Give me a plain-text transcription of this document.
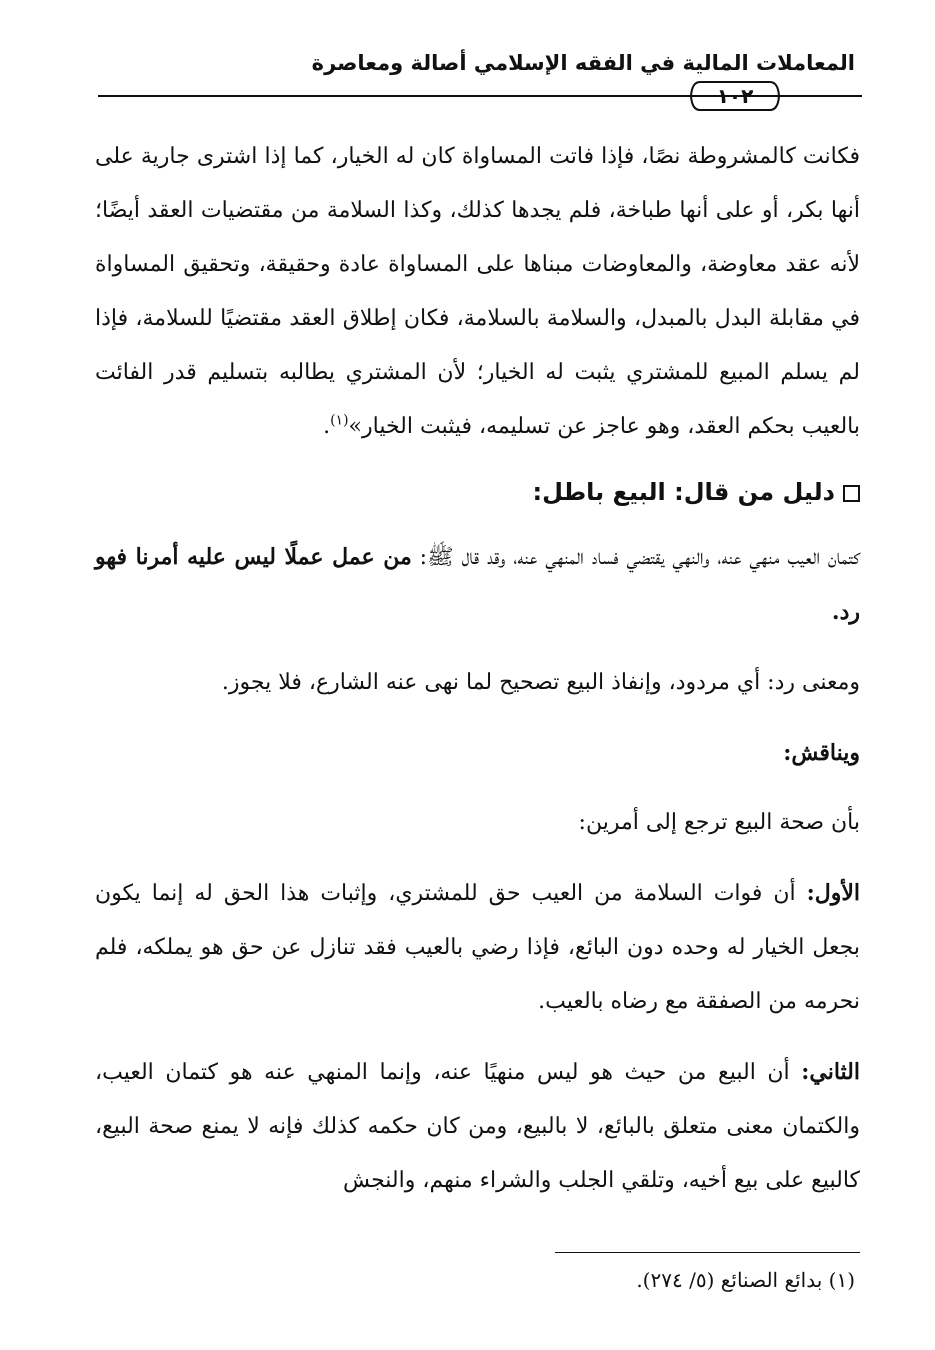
المعاملات المالية في الفقه الإسلامي أصالة ومعاصرة
١٠٢

فكانت كالمشروطة نصًا، فإذا فاتت المساواة كان له الخيار، كما إذا اشترى جارية على أنها بكر، أو على أنها طباخة، فلم يجدها كذلك، وكذا السلامة من مقتضيات العقد أيضًا؛ لأنه عقد معاوضة، والمعاوضات مبناها على المساواة عادة وحقيقة، وتحقيق المساواة في مقابلة البدل بالمبدل، والسلامة بالسلامة، فكان إطلاق العقد مقتضيًا للسلامة، فإذا لم يسلم المبيع للمشتري يثبت له الخيار؛ لأن المشتري يطالبه بتسليم قدر الفائت بالعيب بحكم العقد، وهو عاجز عن تسليمه، فيثبت الخيار»$^{(١)}$.

دليل من قال: البيع باطل:

كتمان العيب منهي عنه، والنهي يقتضي فساد المنهي عنه، وقد قال ﷺ: من عمل عملًا ليس عليه أمرنا فهو رد.

ومعنى رد: أي مردود، وإنفاذ البيع تصحيح لما نهى عنه الشارع، فلا يجوز.

ويناقش:

بأن صحة البيع ترجع إلى أمرين:

الأول: أن فوات السلامة من العيب حق للمشتري، وإثبات هذا الحق له إنما يكون بجعل الخيار له وحده دون البائع، فإذا رضي بالعيب فقد تنازل عن حق هو يملكه، فلم نحرمه من الصفقة مع رضاه بالعيب.

الثاني: أن البيع من حيث هو ليس منهيًا عنه، وإنما المنهي عنه هو كتمان العيب، والكتمان معنى متعلق بالبائع، لا بالبيع، ومن كان حكمه كذلك فإنه لا يمنع صحة البيع، كالبيع على بيع أخيه، وتلقي الجلب والشراء منهم، والنجش

(١) بدائع الصنائع (٥/ ٢٧٤).
